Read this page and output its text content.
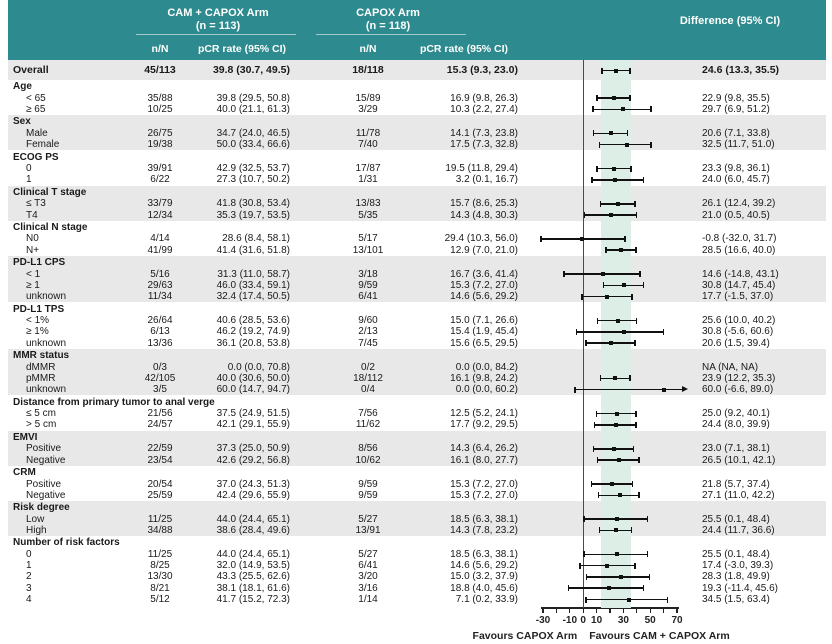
CAM + CAPOX Arm
(n = 113)
CAPOX Arm
(n = 118)	Difference (95% CI)
n/N	pCR rate (95% CI)	n/N	pCR rate (95% CI)
Overall	45/113	39.8 (30.7, 49.5)	18/118	15.3 (9.3, 23.0)	24.6 (13.3, 35.5)
Age
< 65	35/88	39.8 (29.5, 50.8)	15/89	16.9 (9.8, 26.3)	22.9 (9.8, 35.5)
≥ 65	10/25	40.0 (21.1, 61.3)	3/29	10.3 (2.2, 27.4)	29.7 (6.9, 51.2)
Sex
Male	26/75	34.7 (24.0, 46.5)	11/78	14.1 (7.3, 23.8)	20.6 (7.1, 33.8)
Female	19/38	50.0 (33.4, 66.6)	7/40	17.5 (7.3, 32.8)	32.5 (11.7, 51.0)
ECOG PS
0	39/91	42.9 (32.5, 53.7)	17/87	19.5 (11.8, 29.4)	23.3 (9.8, 36.1)
1	6/22	27.3 (10.7, 50.2)	1/31	3.2 (0.1, 16.7)	24.0 (6.0, 45.7)
Clinical T stage
≤ T3	33/79	41.8 (30.8, 53.4)	13/83	15.7 (8.6, 25.3)	26.1 (12.4, 39.2)
T4	12/34	35.3 (19.7, 53.5)	5/35	14.3 (4.8, 30.3)	21.0 (0.5, 40.5)
Clinical N stage
N0	4/14	28.6 (8.4, 58.1)	5/17	29.4 (10.3, 56.0)	-0.8 (-32.0, 31.7)
N+	41/99	41.4 (31.6, 51.8)	13/101	12.9 (7.0, 21.0)	28.5 (16.6, 40.0)
PD-L1 CPS
< 1	5/16	31.3 (11.0, 58.7)	3/18	16.7 (3.6, 41.4)	14.6 (-14.8, 43.1)
≥ 1	29/63	46.0 (33.4, 59.1)	9/59	15.3 (7.2, 27.0)	30.8 (14.7, 45.4)
unknown	11/34	32.4 (17.4, 50.5)	6/41	14.6 (5.6, 29.2)	17.7 (-1.5, 37.0)
PD-L1 TPS
< 1%	26/64	40.6 (28.5, 53.6)	9/60	15.0 (7.1, 26.6)	25.6 (10.0, 40.2)
≥ 1%	6/13	46.2 (19.2, 74.9)	2/13	15.4 (1.9, 45.4)	30.8 (-5.6, 60.6)
unknown	13/36	36.1 (20.8, 53.8)	7/45	15.6 (6.5, 29.5)	20.6 (1.5, 39.4)
MMR status
dMMR	0/3	0.0 (0.0, 70.8)	0/2	0.0 (0.0, 84.2)	NA (NA, NA)
pMMR	42/105	40.0 (30.6, 50.0)	18/112	16.1 (9.8, 24.2)	23.9 (12.2, 35.3)
unknown	3/5	60.0 (14.7, 94.7)	0/4	0.0 (0.0, 60.2)	60.0 (-6.6, 89.0)
Distance from primary tumor to anal verge
≤ 5 cm	21/56	37.5 (24.9, 51.5)	7/56	12.5 (5.2, 24.1)	25.0 (9.2, 40.1)
> 5 cm	24/57	42.1 (29.1, 55.9)	11/62	17.7 (9.2, 29.5)	24.4 (8.0, 39.9)
EMVI
Positive	22/59	37.3 (25.0, 50.9)	8/56	14.3 (6.4, 26.2)	23.0 (7.1, 38.1)
Negative	23/54	42.6 (29.2, 56.8)	10/62	16.1 (8.0, 27.7)	26.5 (10.1, 42.1)
CRM
Positive	20/54	37.0 (24.3, 51.3)	9/59	15.3 (7.2, 27.0)	21.8 (5.7, 37.4)
Negative	25/59	42.4 (29.6, 55.9)	9/59	15.3 (7.2, 27.0)	27.1 (11.0, 42.2)
Risk degree
Low	11/25	44.0 (24.4, 65.1)	5/27	18.5 (6.3, 38.1)	25.5 (0.1, 48.4)
High	34/88	38.6 (28.4, 49.6)	13/91	14.3 (7.8, 23.2)	24.4 (11.7, 36.6)
Number of risk factors
0	11/25	44.0 (24.4, 65.1)	5/27	18.5 (6.3, 38.1)	25.5 (0.1, 48.4)
1	8/25	32.0 (14.9, 53.5)	6/41	14.6 (5.6, 29.2)	17.4 (-3.0, 39.3)
2	13/30	43.3 (25.5, 62.6)	3/20	15.0 (3.2, 37.9)	28.3 (1.8, 49.9)
3	8/21	38.1 (18.1, 61.6)	3/16	18.8 (4.0, 45.6)	19.3 (-11.4, 45.6)
4	5/12	41.7 (15.2, 72.3)	1/14	7.1 (0.2, 33.9)	34.5 (1.5, 63.4)
Favours CAPOX Arm Favours CAM + CAPOX Arm
-30	-10 0 10	30	50	70
